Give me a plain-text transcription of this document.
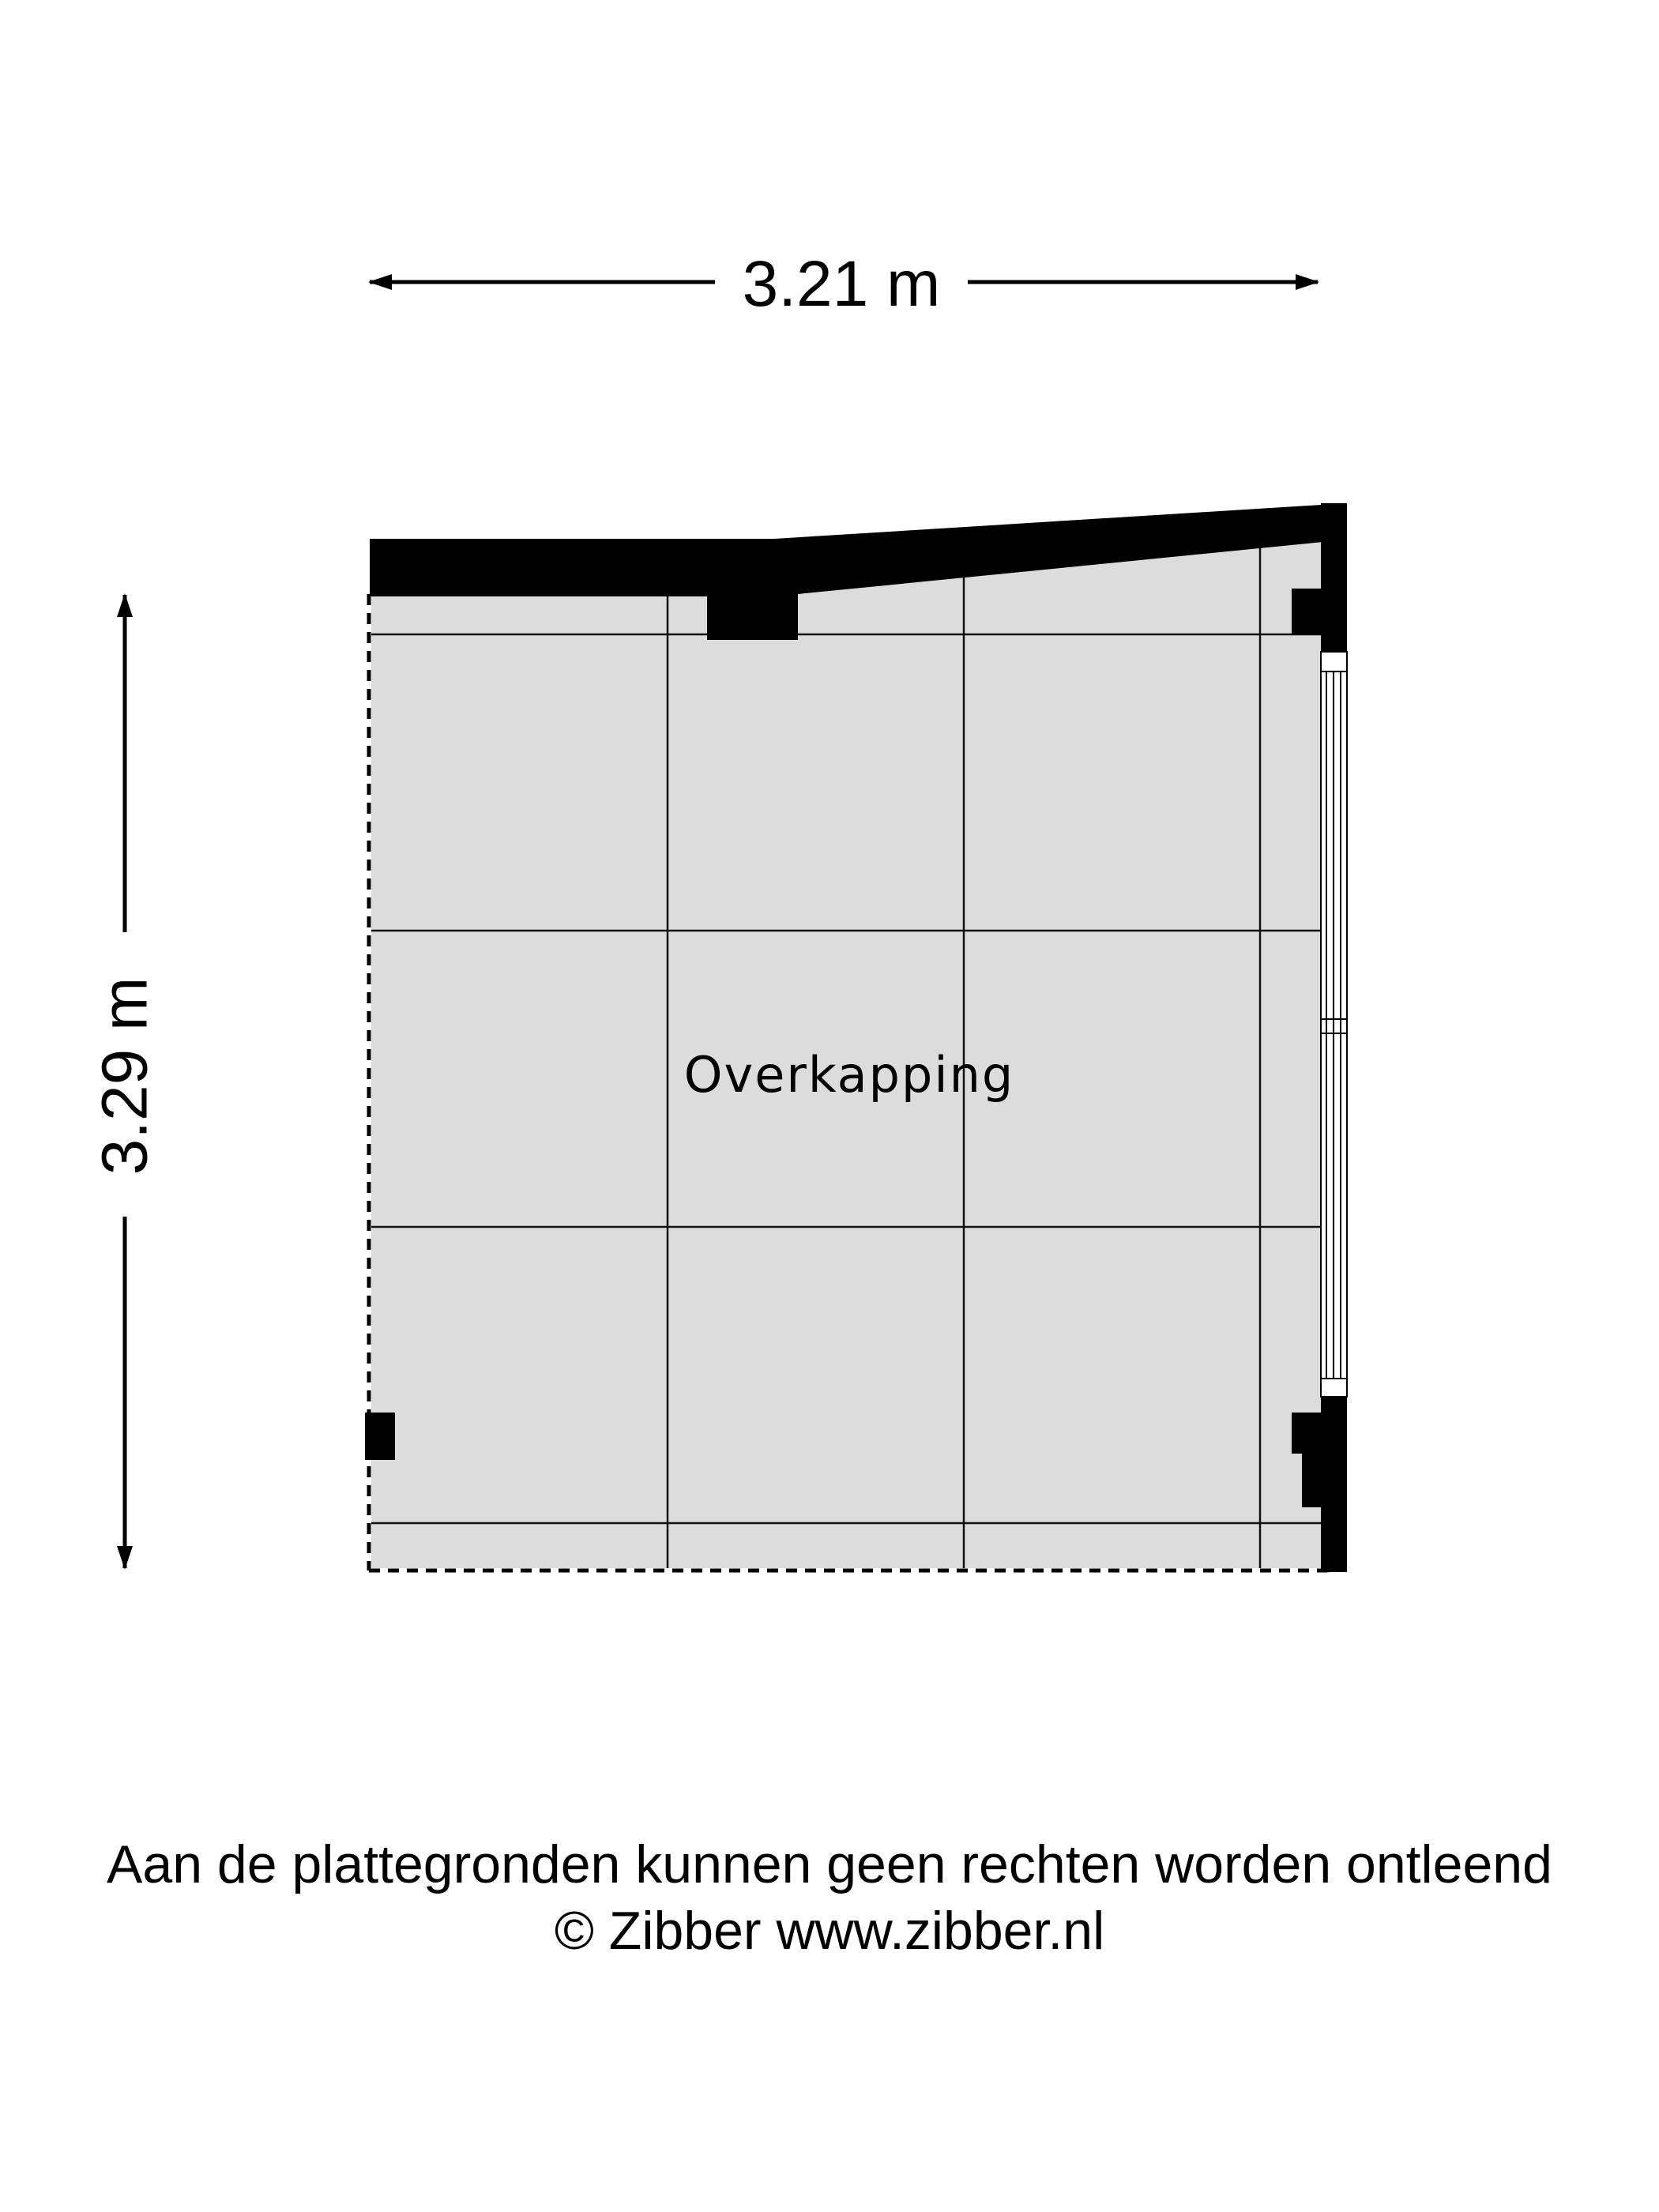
3.21 m
3.29 m	Overkapping
Aan de plattegronden kunnen geen rechten worden ontleend
© Zibber www.zibber.nl
